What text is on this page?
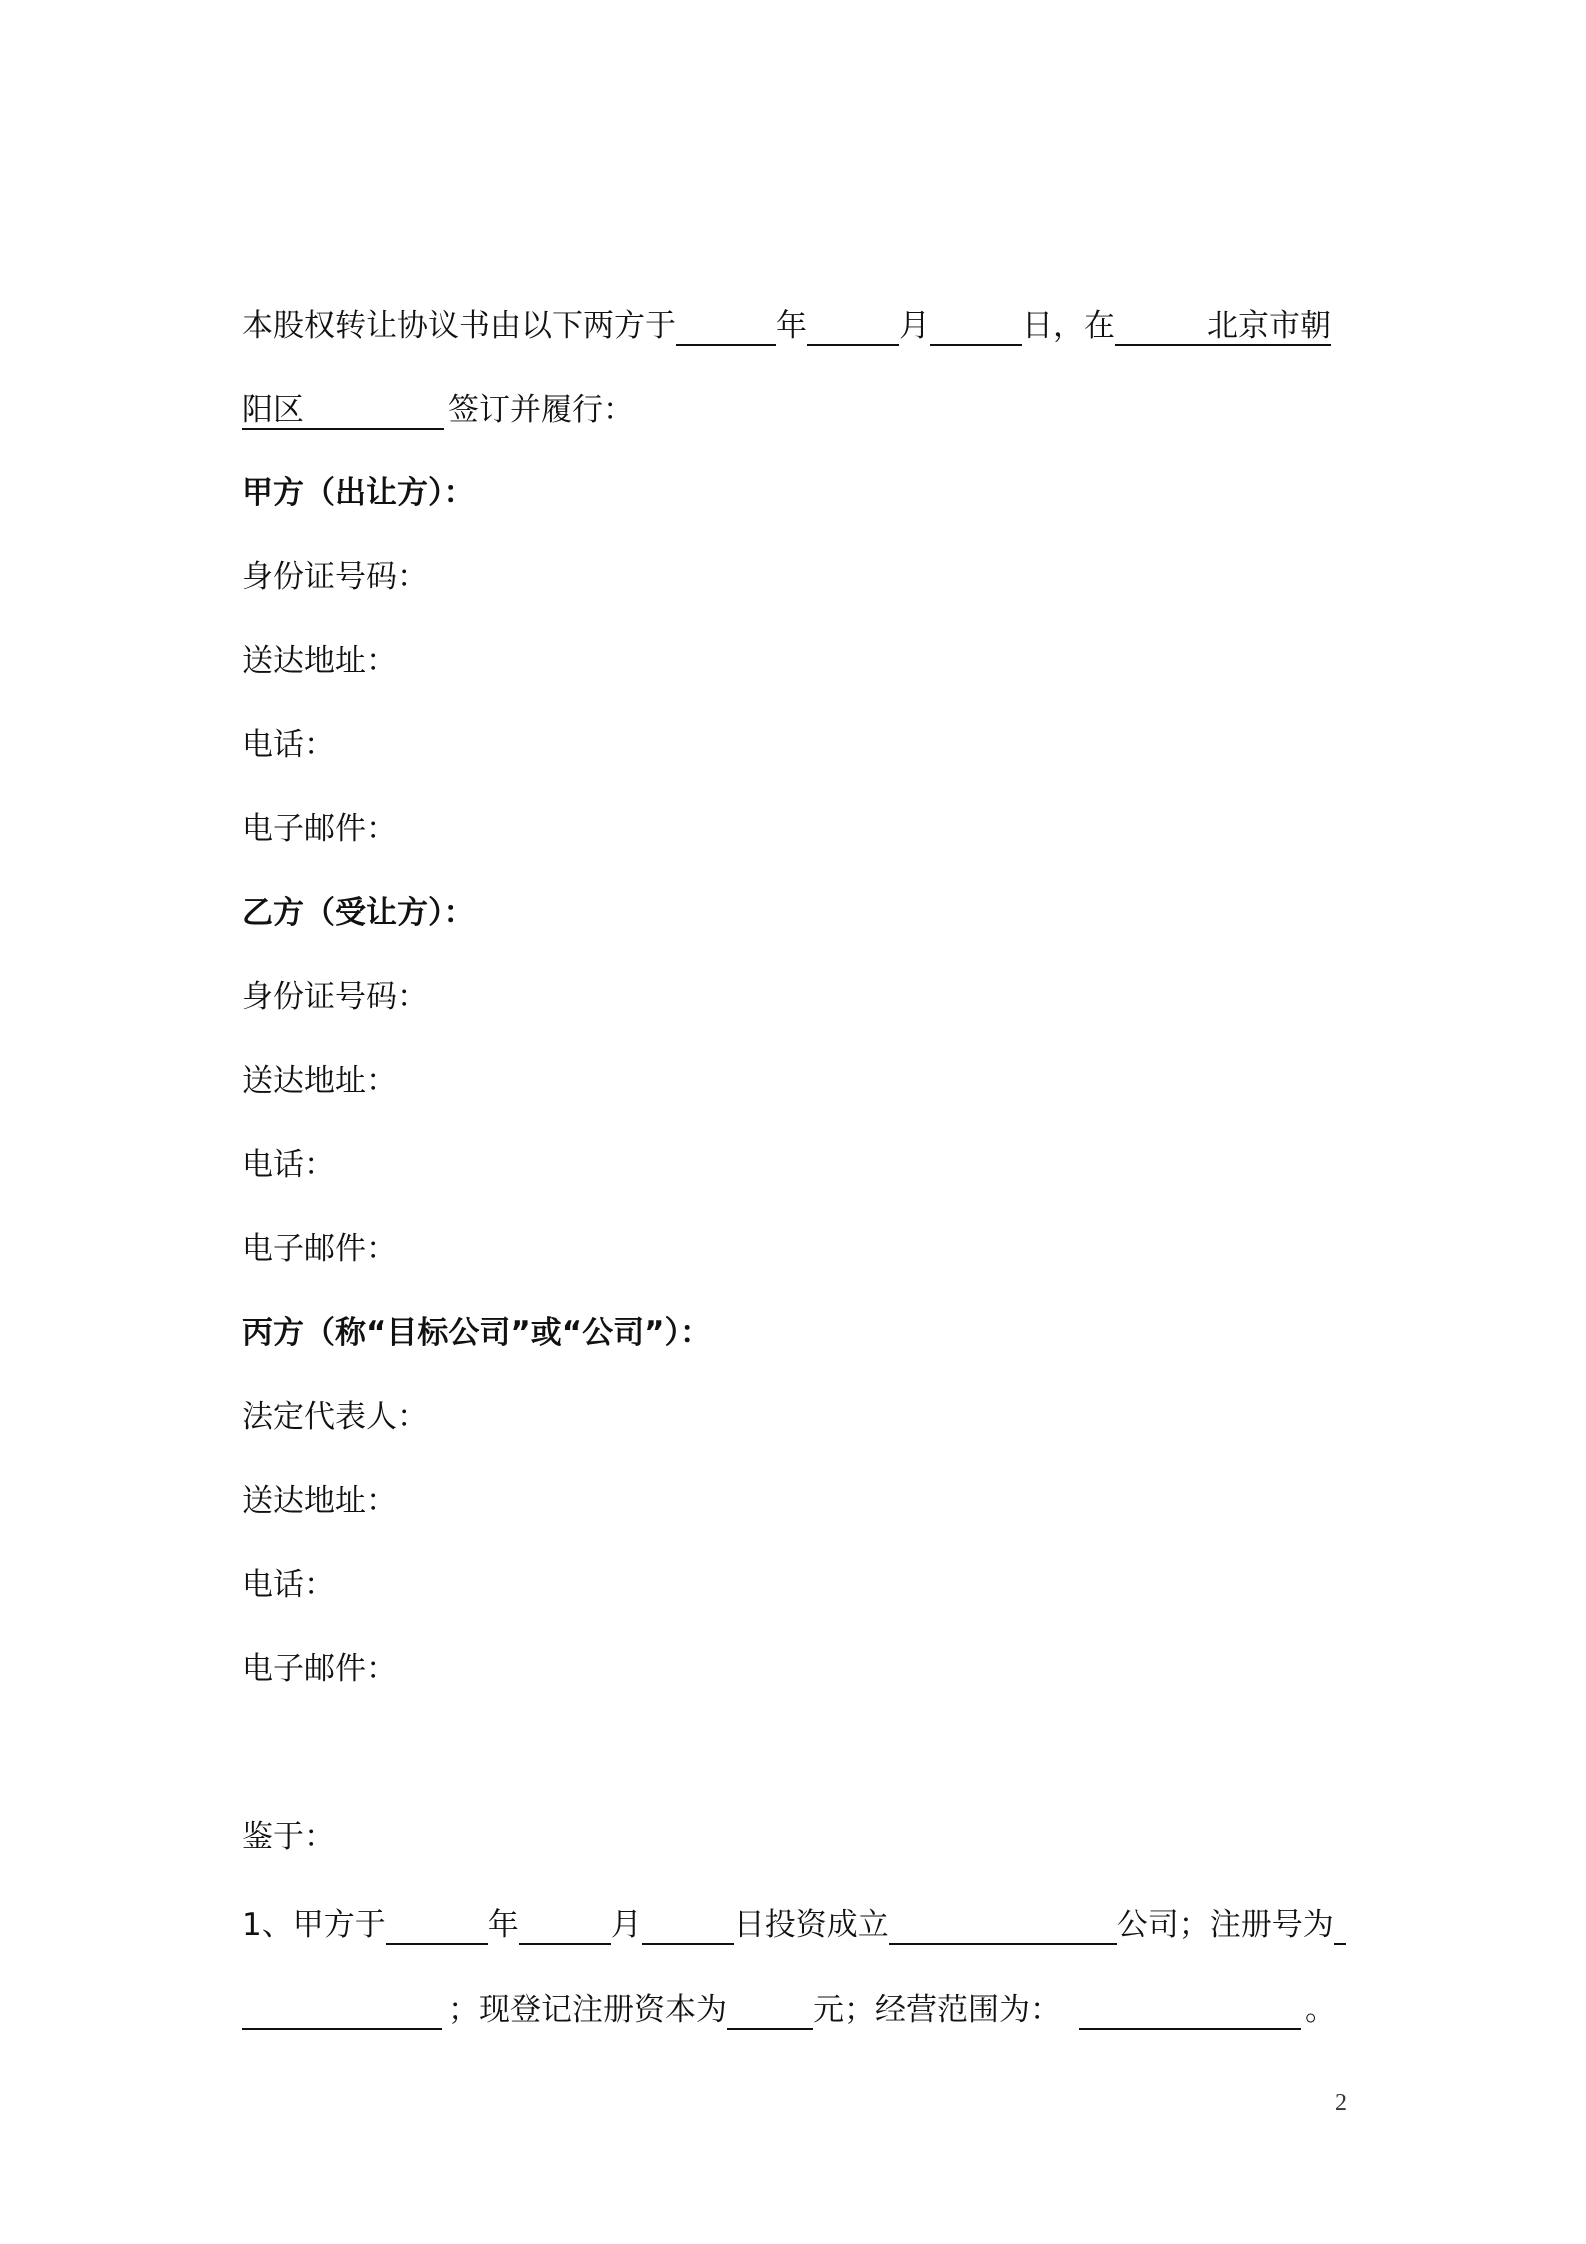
本股权转让协议书由以下两方于	年	月	日，在	北京市朝
阳区	签订并履行：
甲方（出让方）：
身份证号码：
送达地址：
电话：
电子邮件：
乙方（受让方）：
身份证号码：
送达地址：
电话：
电子邮件：
丙方（称“目标公司”或“公司”）：
法定代表人：
送达地址：
电话：
电子邮件：
鉴于：
1、甲方于	年	月	日投资成立	公司；注册号为
；现登记注册资本为	元；经营范围为：	。
2
